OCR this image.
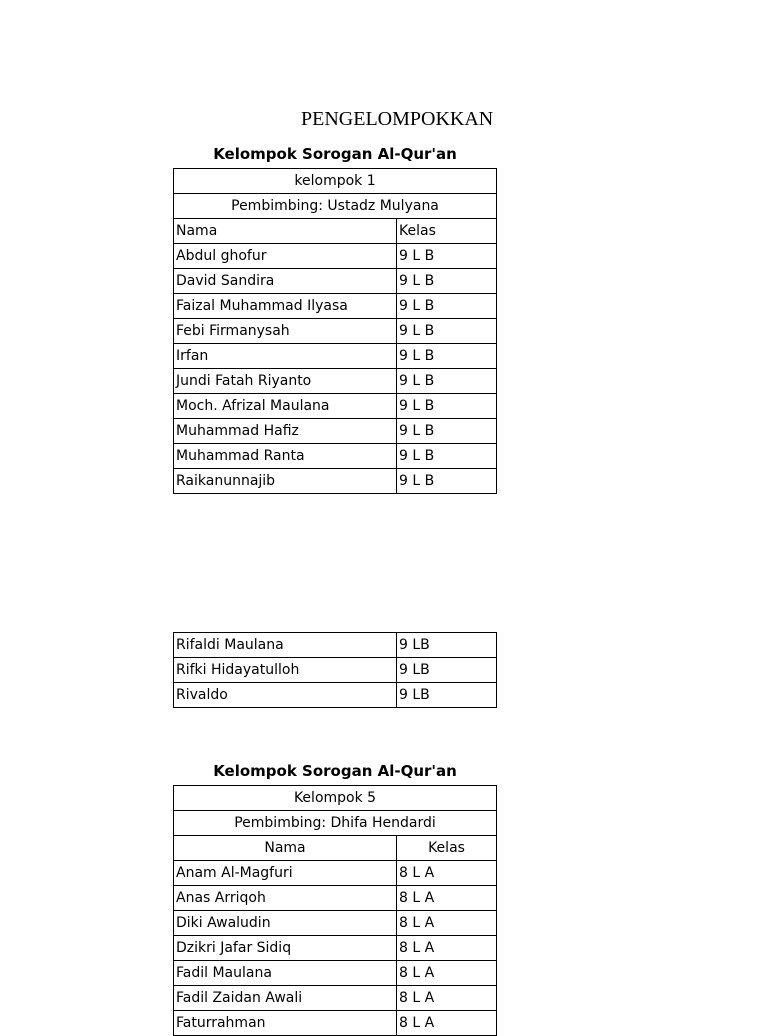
PENGELOMPOKKAN
Kelompok Sorogan Al-Qur'an
kelompok 1	
Pembimbing: Ustadz Mulyana	
Nama	Kelas
Abdul ghofur	9 L B
David Sandira	9 L B
Faizal Muhammad Ilyasa	9 L B
Febi Firmanysah	9 L B
Irfan	9 L B
Jundi Fatah Riyanto	9 L B
Moch. Afrizal Maulana	9 L B
Muhammad Hafiz	9 L B
Muhammad Ranta	9 L B
Raikanunnajib	9 L B
Rifaldi Maulana	9 LB
Rifki Hidayatulloh	9 LB
Rivaldo	9 LB
Kelompok Sorogan Al-Qur'an
Kelompok 5	
Pembimbing: Dhifa Hendardi	
Nama	Kelas
Anam Al-Magfuri	8 L A
Anas Arriqoh	8 L A
Diki Awaludin	8 L A
Dzikri Jafar Sidiq	8 L A
Fadil Maulana	8 L A
Fadil Zaidan Awali	8 L A
Faturrahman	8 L A
